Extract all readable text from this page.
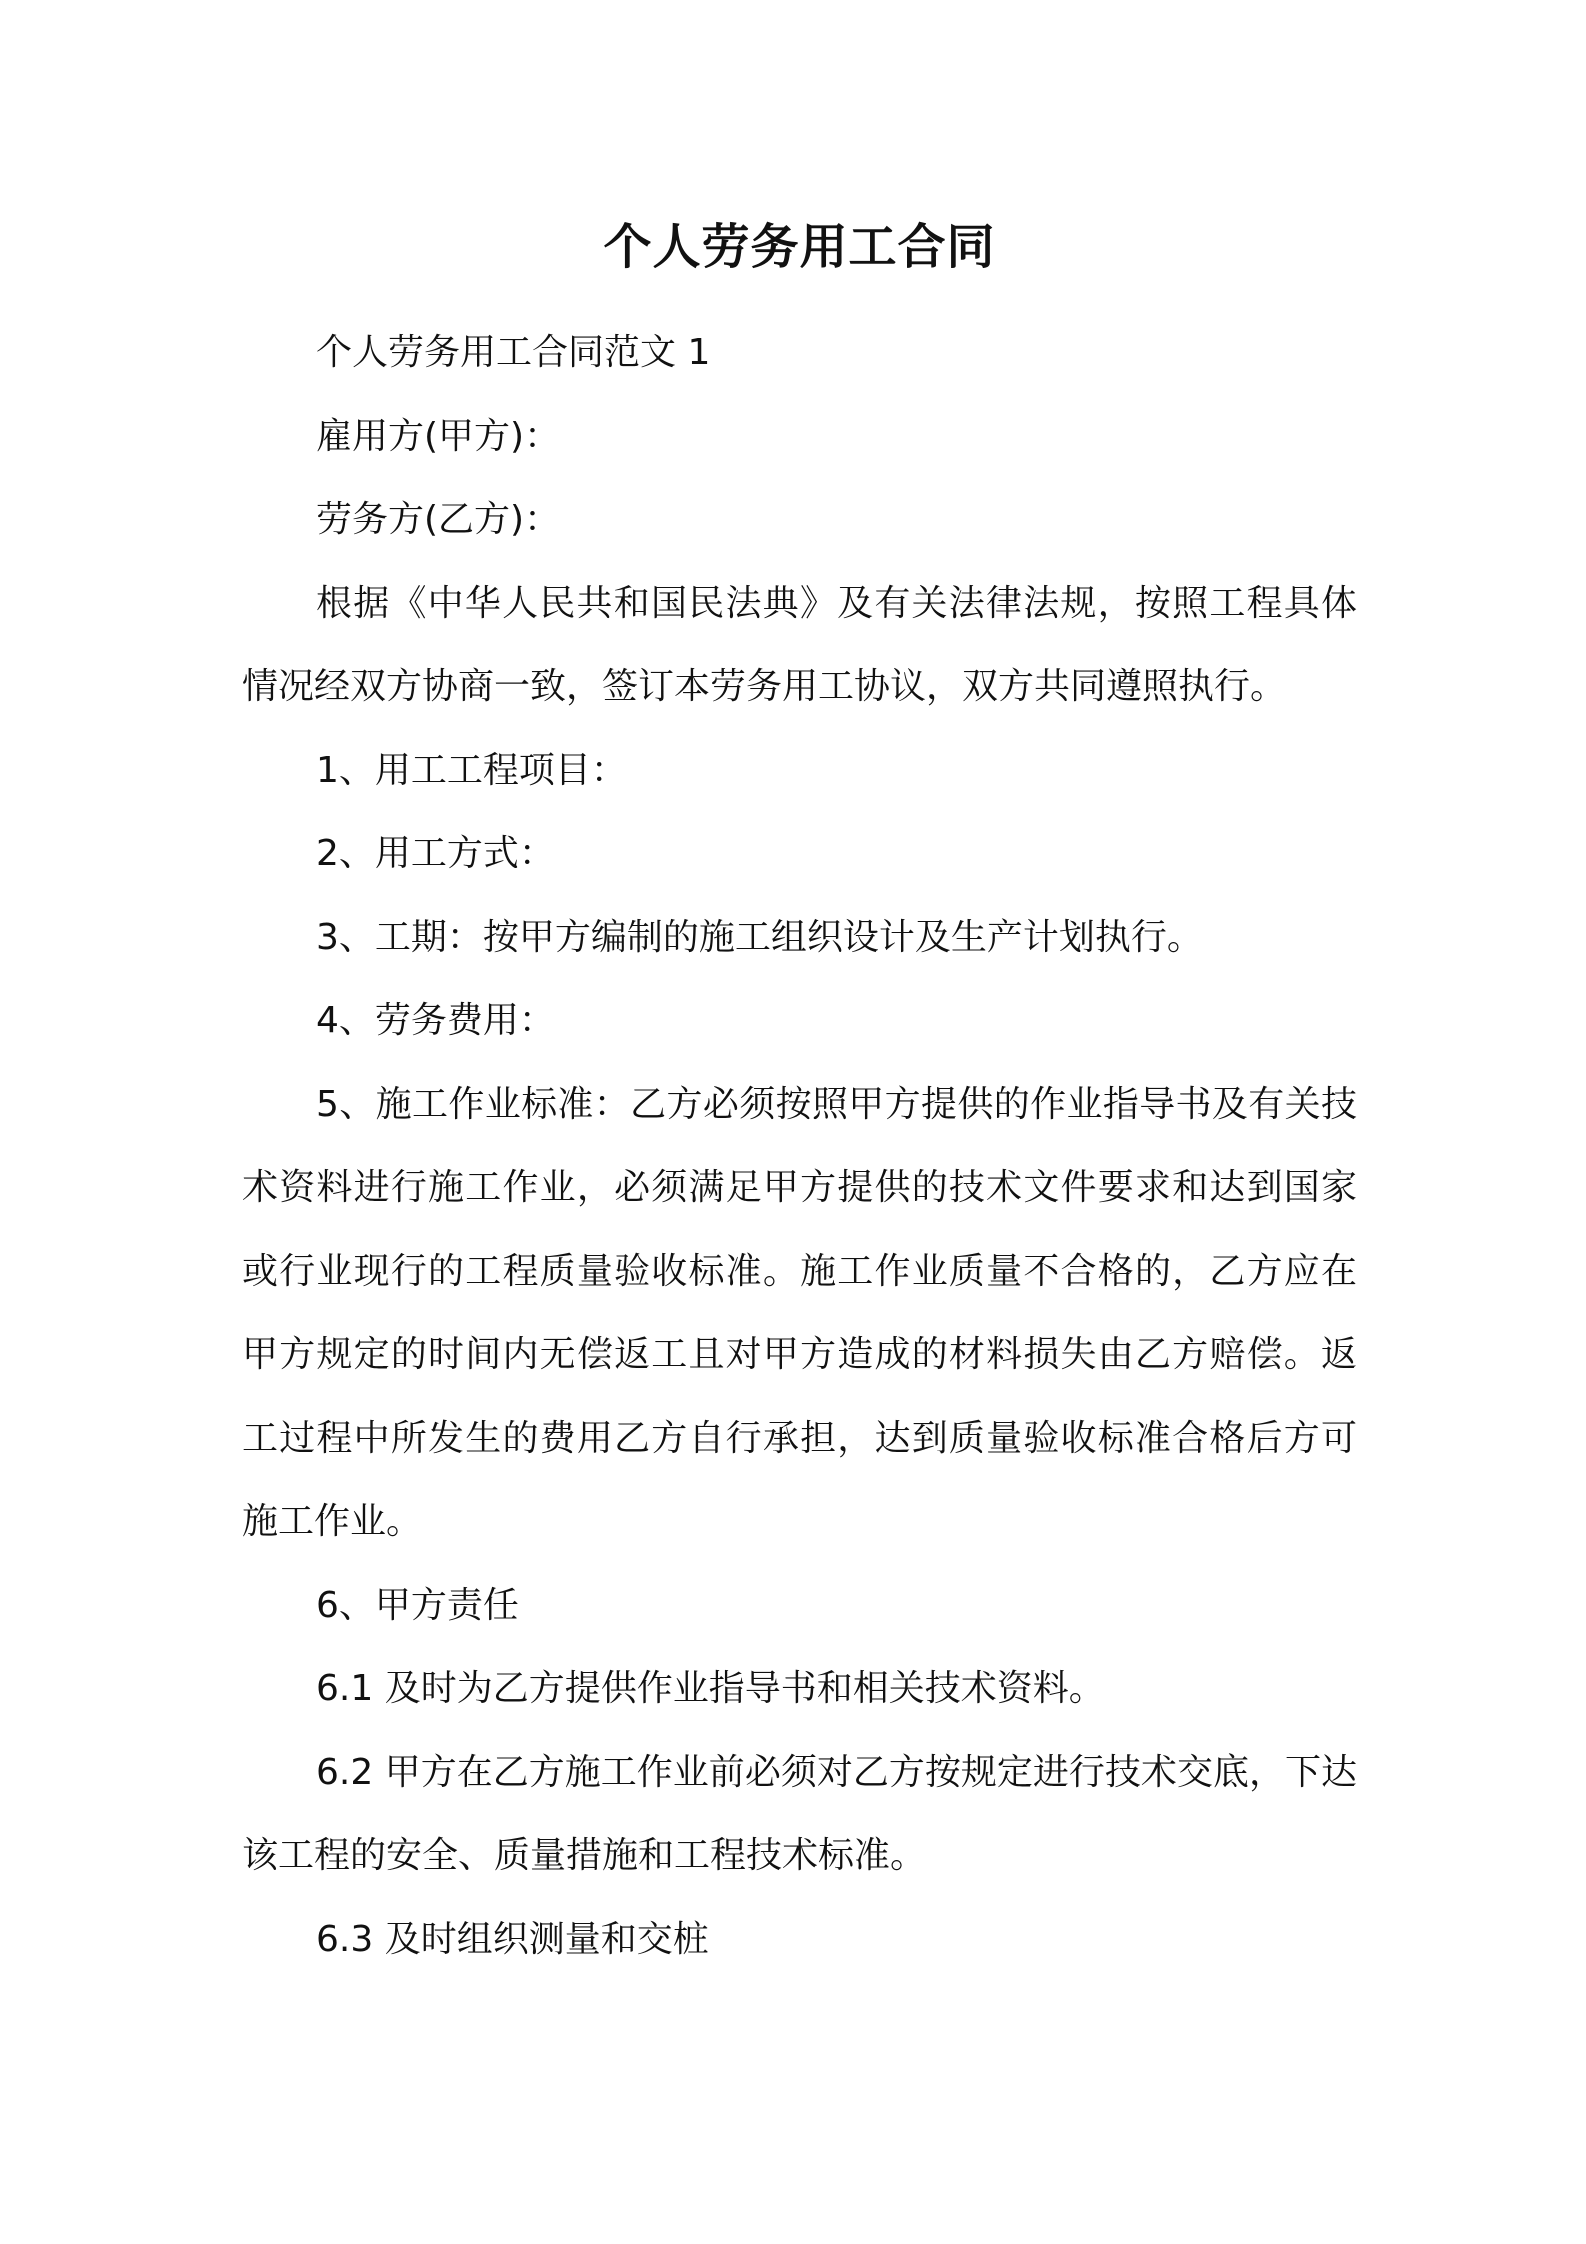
个人劳务用工合同

个人劳务用工合同范文 1

雇用方(甲方)：

劳务方(乙方)：

根据《中华人民共和国民法典》及有关法律法规，按照工程具体情况经双方协商一致，签订本劳务用工协议，双方共同遵照执行。

1、用工工程项目：

2、用工方式：

3、工期：按甲方编制的施工组织设计及生产计划执行。

4、劳务费用：

5、施工作业标准：乙方必须按照甲方提供的作业指导书及有关技术资料进行施工作业，必须满足甲方提供的技术文件要求和达到国家或行业现行的工程质量验收标准。施工作业质量不合格的，乙方应在甲方规定的时间内无偿返工且对甲方造成的材料损失由乙方赔偿。返工过程中所发生的费用乙方自行承担，达到质量验收标准合格后方可施工作业。

6、甲方责任

6.1 及时为乙方提供作业指导书和相关技术资料。

6.2 甲方在乙方施工作业前必须对乙方按规定进行技术交底，下达该工程的安全、质量措施和工程技术标准。

6.3 及时组织测量和交桩
